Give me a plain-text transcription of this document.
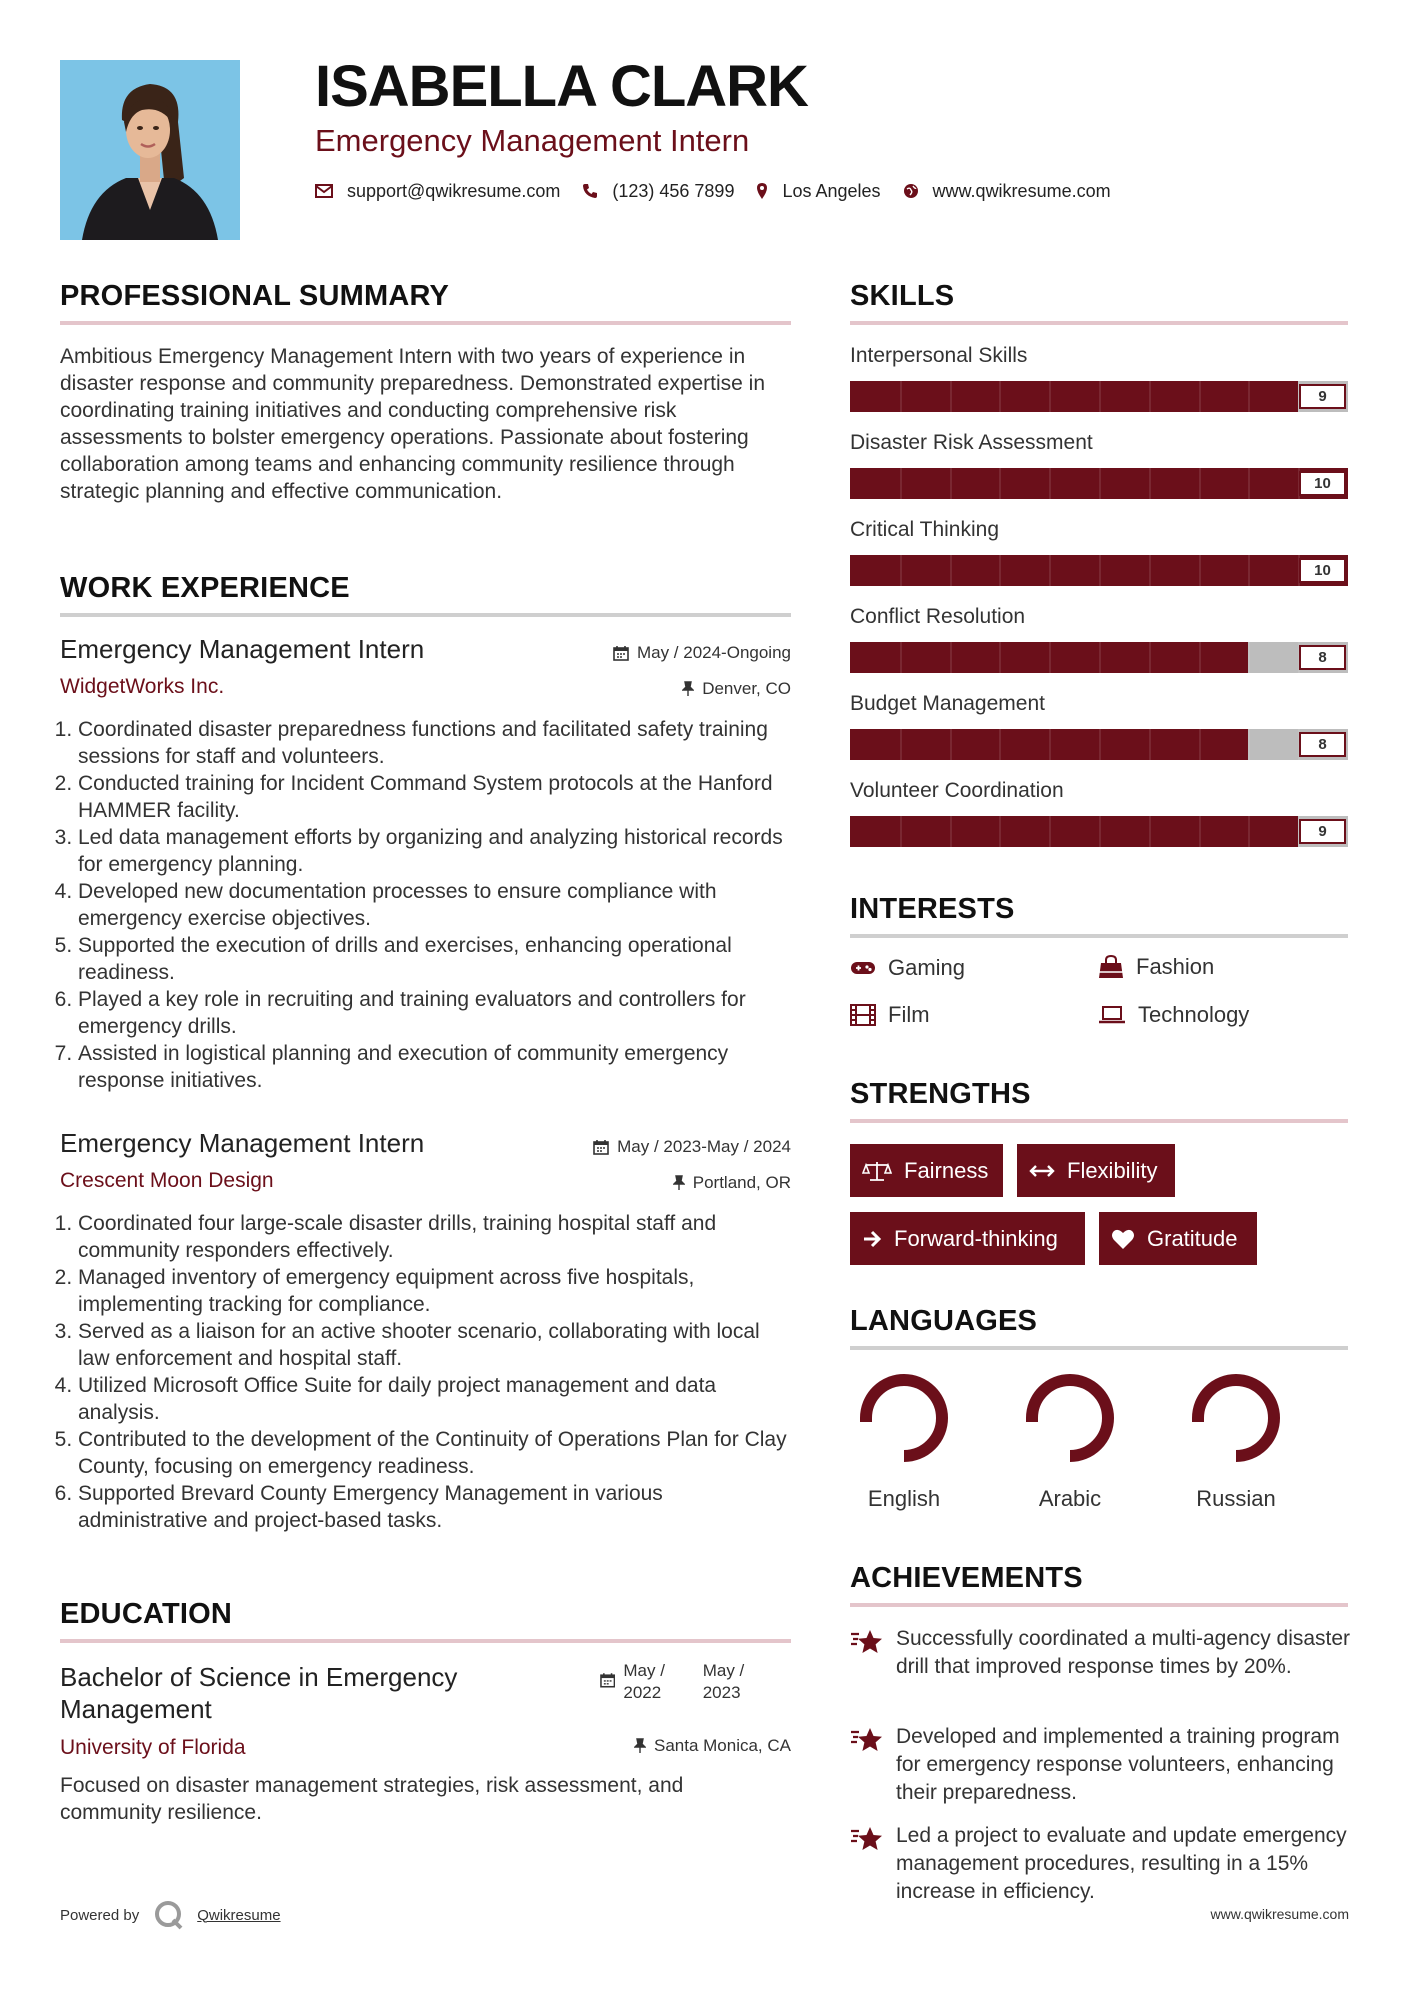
ISABELLA CLARK
Emergency Management Intern
support@qwikresume.com	(123) 456 7899	Los Angeles	www.qwikresume.com
PROFESSIONAL SUMMARY
Ambitious Emergency Management Intern with two years of experience in disaster response and community preparedness. Demonstrated expertise in coordinating training initiatives and conducting comprehensive risk assessments to bolster emergency operations. Passionate about fostering collaboration among teams and enhancing community resilience through strategic planning and effective communication.
WORK EXPERIENCE
Emergency Management Intern	May / 2024-Ongoing
WidgetWorks Inc.	Denver, CO
1. Coordinated disaster preparedness functions and facilitated safety training sessions for staff and volunteers.
2. Conducted training for Incident Command System protocols at the Hanford HAMMER facility.
3. Led data management efforts by organizing and analyzing historical records for emergency planning.
4. Developed new documentation processes to ensure compliance with emergency exercise objectives.
5. Supported the execution of drills and exercises, enhancing operational readiness.
6. Played a key role in recruiting and training evaluators and controllers for emergency drills.
7. Assisted in logistical planning and execution of community emergency response initiatives.
Emergency Management Intern	May / 2023-May / 2024
Crescent Moon Design	Portland, OR
1. Coordinated four large-scale disaster drills, training hospital staff and community responders effectively.
2. Managed inventory of emergency equipment across five hospitals, implementing tracking for compliance.
3. Served as a liaison for an active shooter scenario, collaborating with local law enforcement and hospital staff.
4. Utilized Microsoft Office Suite for daily project management and data analysis.
5. Contributed to the development of the Continuity of Operations Plan for Clay County, focusing on emergency readiness.
6. Supported Brevard County Emergency Management in various administrative and project-based tasks.
EDUCATION
Bachelor of Science in Emergency Management
May / 2022
May / 2023
University of Florida	Santa Monica, CA
Focused on disaster management strategies, risk assessment, and community resilience.
SKILLS
Interpersonal Skills
9
Disaster Risk Assessment
10
Critical Thinking
10
Conflict Resolution
8
Budget Management
8
Volunteer Coordination
9
INTERESTS
Gaming	Fashion
Film	Technology
STRENGTHS
Fairness	Flexibility
Forward-thinking	Gratitude
LANGUAGES
English	Arabic	Russian
ACHIEVEMENTS
Successfully coordinated a multi-agency disaster drill that improved response times by 20%.
Developed and implemented a training program for emergency response volunteers, enhancing their preparedness.
Led a project to evaluate and update emergency management procedures, resulting in a 15% increase in efficiency.
Powered by	Qwikresume	www.qwikresume.com
